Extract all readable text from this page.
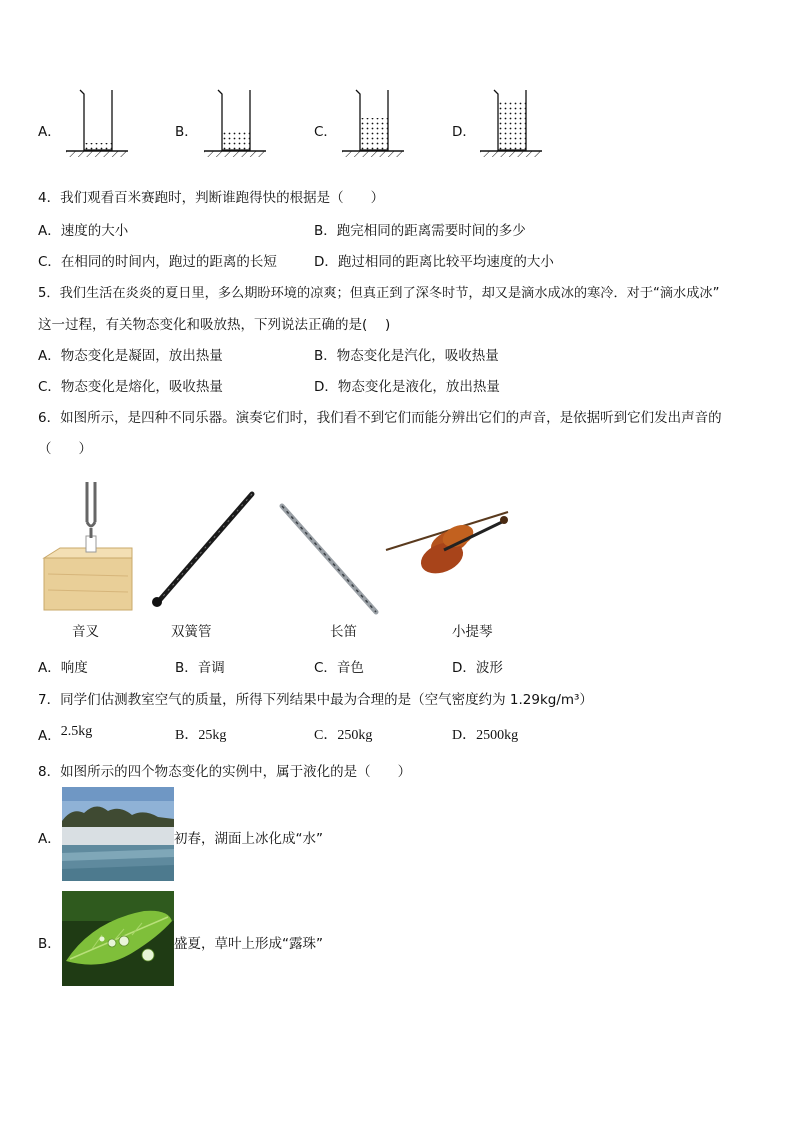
A．	B．	C．	D．
4．我们观看百米赛跑时，判断谁跑得快的根据是（　　）
A．速度的大小	B．跑完相同的距离需要时间的多少
C．在相同的时间内，跑过的距离的长短	D．跑过相同的距离比较平均速度的大小
5．我们生活在炎炎的夏日里，多么期盼环境的凉爽；但真正到了深冬时节，却又是滴水成冰的寒冷．对于“滴水成冰”
这一过程，有关物态变化和吸放热，下列说法正确的是(　 )
A．物态变化是凝固，放出热量	B．物态变化是汽化，吸收热量
C．物态变化是熔化，吸收热量	D．物态变化是液化，放出热量
6．如图所示，是四种不同乐器。演奏它们时，我们看不到它们而能分辨出它们的声音，是依据听到它们发出声音的
（　　）
音叉	双簧管	长笛	小提琴
A．响度	B．音调	C．音色	D．波形
7．同学们估测教室空气的质量，所得下列结果中最为合理的是（空气密度约为 1.29kg/m³）
A．2.5kg	B．25kg	C．250kg	D．2500kg
8．如图所示的四个物态变化的实例中，属于液化的是（　　）
A．	初春，湖面上冰化成“水”
B．	盛夏，草叶上形成“露珠”
